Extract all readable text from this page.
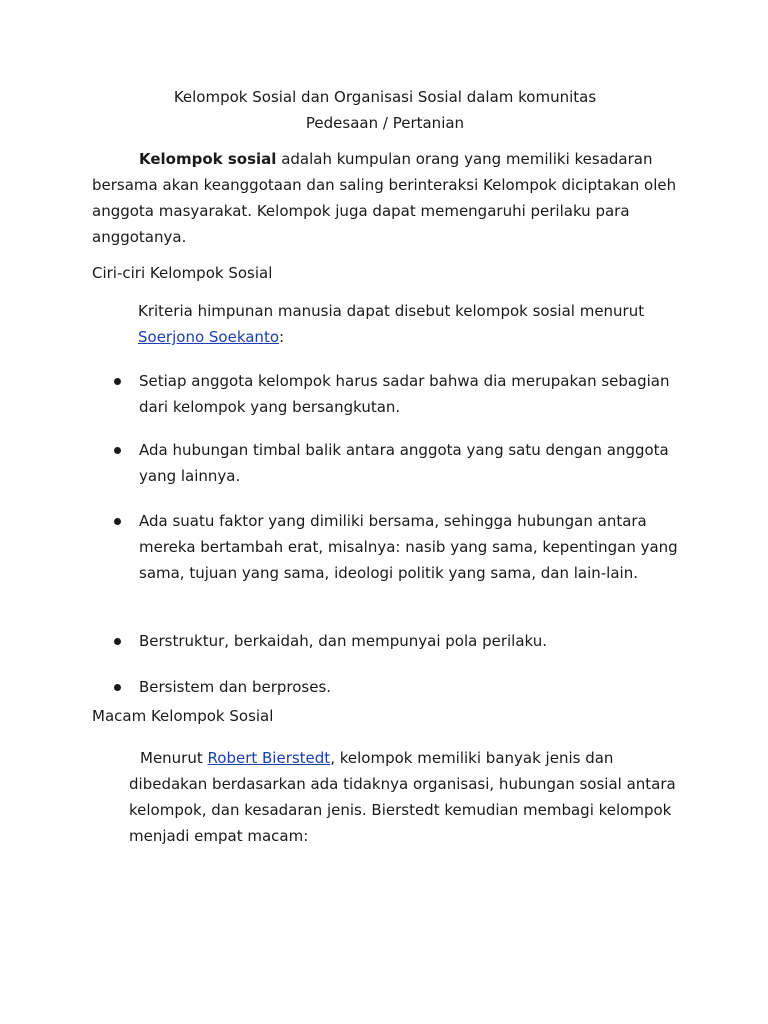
Kelompok Sosial dan Organisasi Sosial dalam komunitas
Pedesaan / Pertanian

Kelompok sosial adalah kumpulan orang yang memiliki kesadaran bersama akan keanggotaan dan saling berinteraksi Kelompok diciptakan oleh anggota masyarakat. Kelompok juga dapat memengaruhi perilaku para anggotanya.

Ciri-ciri Kelompok Sosial

Kriteria himpunan manusia dapat disebut kelompok sosial menurut Soerjono Soekanto:

Setiap anggota kelompok harus sadar bahwa dia merupakan sebagian dari kelompok yang bersangkutan.
Ada hubungan timbal balik antara anggota yang satu dengan anggota yang lainnya.
Ada suatu faktor yang dimiliki bersama, sehingga hubungan antara mereka bertambah erat, misalnya: nasib yang sama, kepentingan yang sama, tujuan yang sama, ideologi politik yang sama, dan lain-lain.
Berstruktur, berkaidah, dan mempunyai pola perilaku.
Bersistem dan berproses.

Macam Kelompok Sosial

Menurut Robert Bierstedt, kelompok memiliki banyak jenis dan dibedakan berdasarkan ada tidaknya organisasi, hubungan sosial antara kelompok, dan kesadaran jenis. Bierstedt kemudian membagi kelompok menjadi empat macam:
